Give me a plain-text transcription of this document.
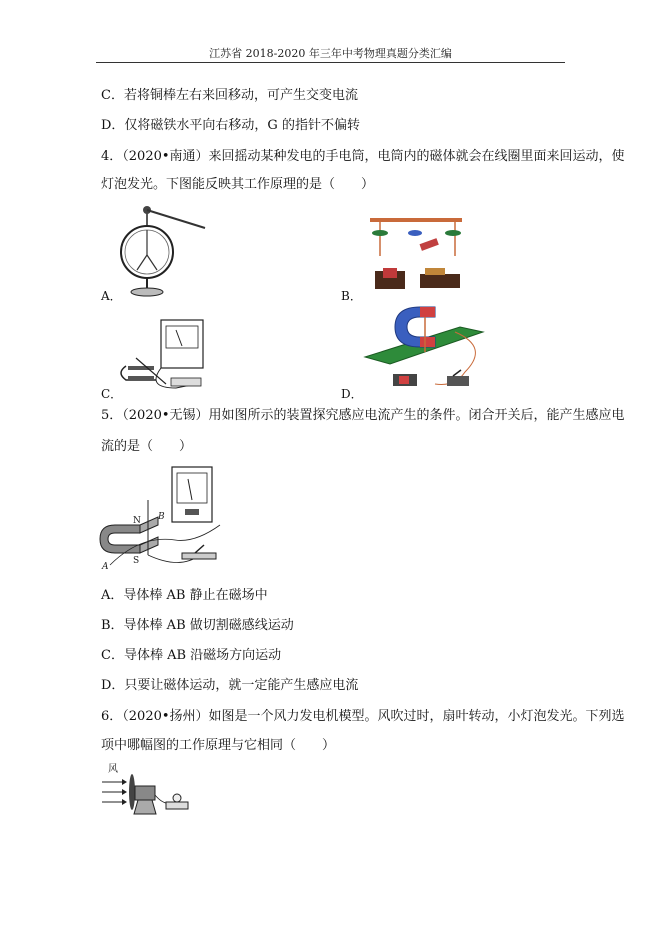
江苏省 2018-2020 年三年中考物理真题分类汇编
C．若将铜棒左右来回移动，可产生交变电流
D．仅将磁铁水平向右移动，G 的指针不偏转
4．（2020•南通）来回摇动某种发电的手电筒，电筒内的磁体就会在线圈里面来回运动，使
灯泡发光。下图能反映其工作原理的是（　　）
A．	B．
C．	D．
5．（2020•无锡）用如图所示的装置探究感应电流产生的条件。闭合开关后，能产生感应电
流的是（　　）
N
S
A
B
A．导体棒 AB 静止在磁场中
B．导体棒 AB 做切割磁感线运动
C．导体棒 AB 沿磁场方向运动
D．只要让磁体运动，就一定能产生感应电流
6．（2020•扬州）如图是一个风力发电机模型。风吹过时，扇叶转动，小灯泡发光。下列选
项中哪幅图的工作原理与它相同（　　）
风
